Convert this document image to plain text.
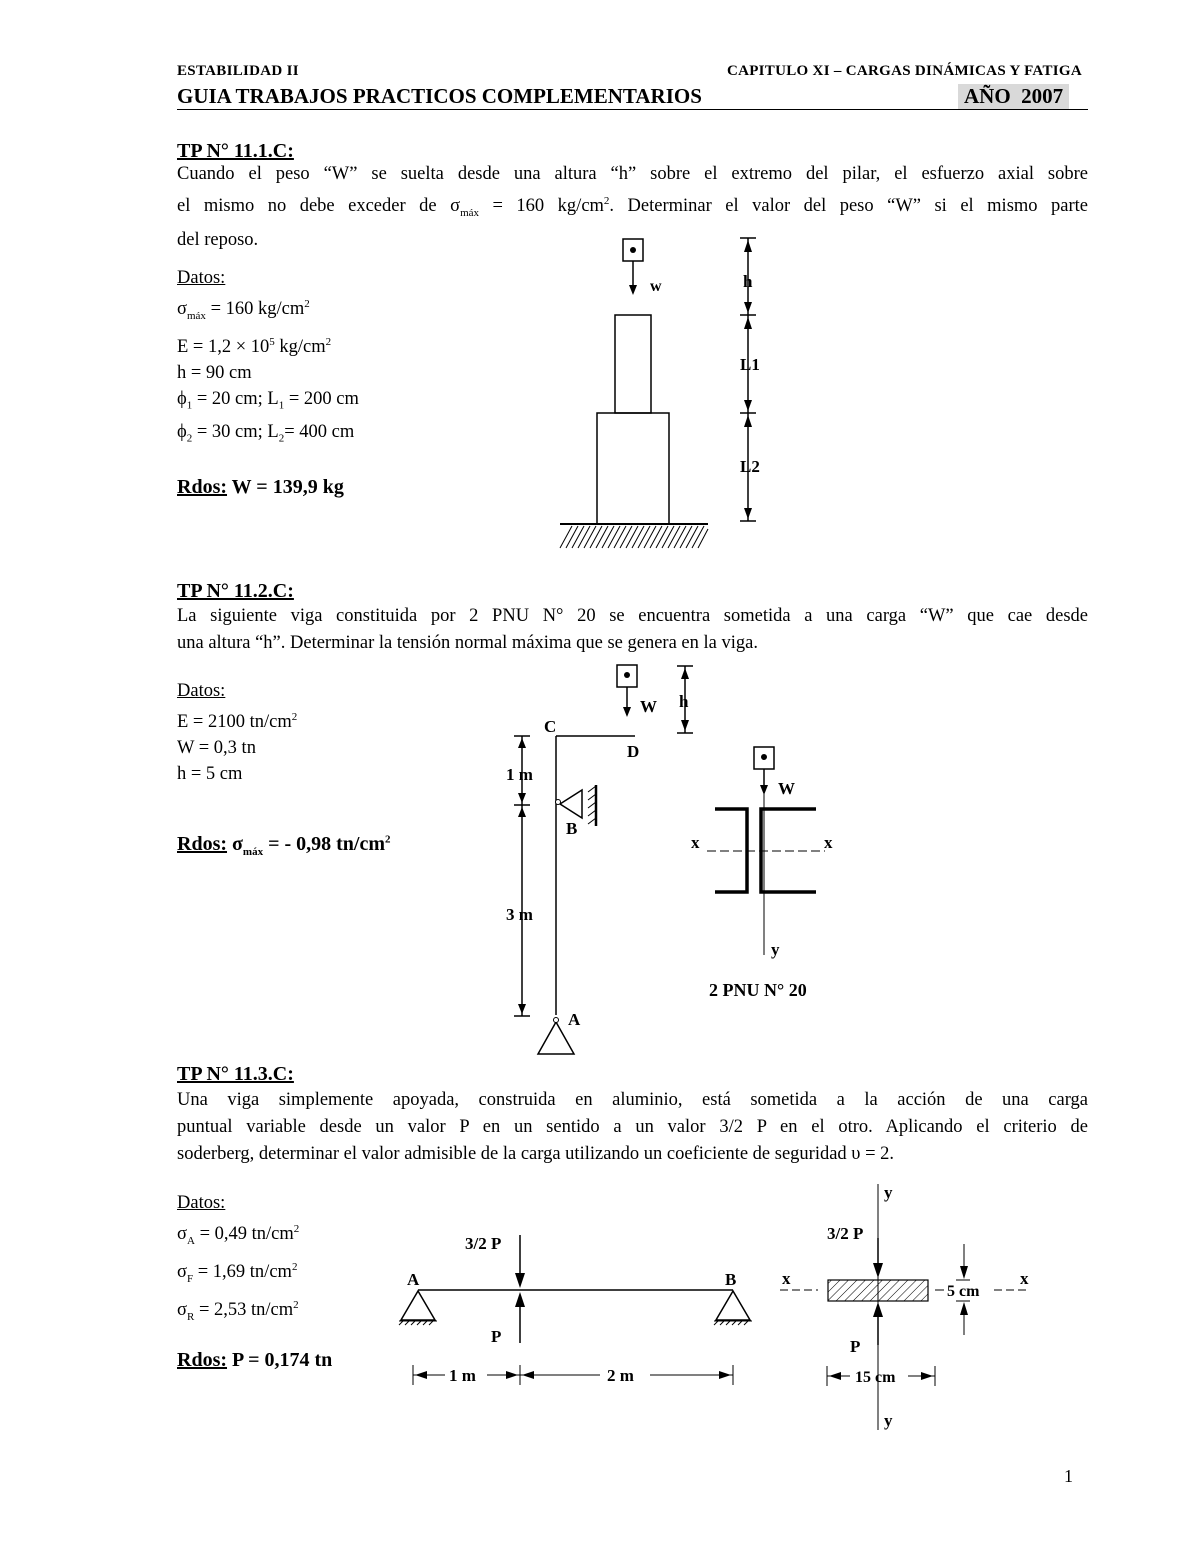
ESTABILIDAD II	CAPITULO XI – CARGAS DINÁMICAS Y FATIGA
GUIA TRABAJOS PRACTICOS COMPLEMENTARIOS	AÑO  2007
TP N° 11.1.C:
Cuando el peso “W” se suelta desde una altura “h” sobre el extremo del pilar, el esfuerzo axial sobre
el mismo no debe exceder de $\sigma_{máx} = 160$ $kg/cm^2$. Determinar el valor del peso “W” si el mismo parte
del reposo.
Datos:
$\sigma_{máx} = 160$ $kg/cm^2$
$E = 1,2 \times 10^5$ $kg/cm^2$
h = 90 cm
$\phi_1 = 20$ cm; $L_1 = 200$ cm
$\phi_2 = 30$ cm; $L_2= 400$ cm
Rdos: W = 139,9 kg
w	h
L1
L2
TP N° 11.2.C:
La siguiente viga constituida por 2 PNU N° 20 se encuentra sometida a una carga “W” que cae desde
una altura “h”. Determinar la tensión normal máxima que se genera en la viga.
Datos:
E = 2100 $tn/cm^2$
W = 0,3 tn
h = 5 cm
Rdos: $\sigma_{máx}$ = - 0,98 $tn/cm^2$
W h
C
D
B
A
1 m
3 m
W
x	x
y
2 PNU N° 20
TP N° 11.3.C:
Una viga simplemente apoyada, construida en aluminio, está sometida a la acción de una carga
puntual variable desde un valor P en un sentido a un valor 3/2 P en el otro. Aplicando el criterio de
soderberg, determinar el valor admisible de la carga utilizando un coeficiente de seguridad υ = 2.
Datos:
$\sigma_A = 0,49$ $tn/cm^2$
$\sigma_F = 1,69$ $tn/cm^2$
$\sigma_R = 2,53$ $tn/cm^2$
Rdos: P = 0,174 tn
3/2 P
P
A	B
1 m	2 m
y
3/2 P
P
x	x
5 cm
15 cm
y
1
